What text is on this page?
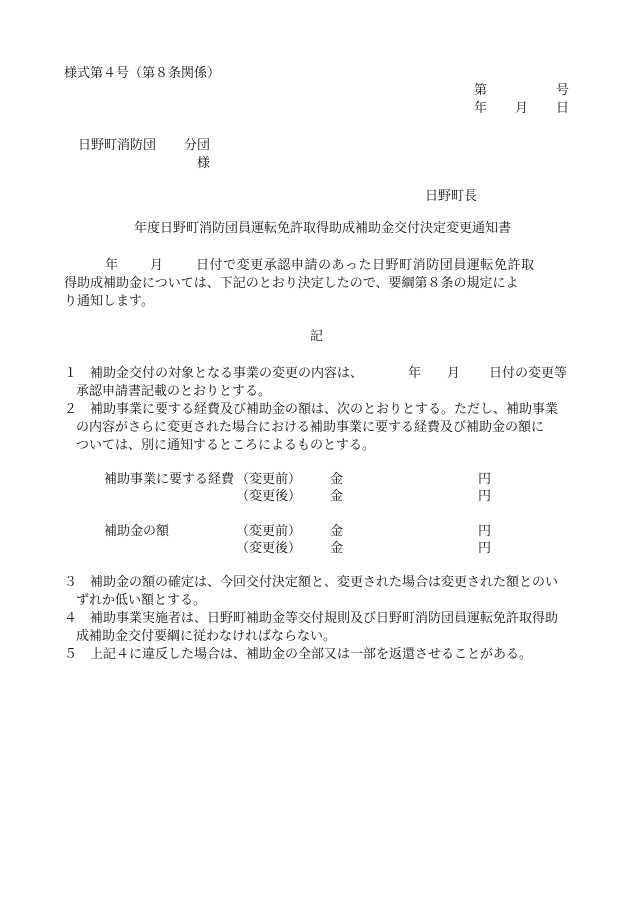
様式第４号（第８条関係）
第	号
年 月 日
日野町消防団 分団
様
日野町長
年度日野町消防団員運転免許取得助成補助金交付決定変更通知書
年 月	日付で変更承認申請のあった日野町消防団員運転免許取
得助成補助金については、下記のとおり決定したので、要綱第８条の規定によ
り通知します。
記
１ 補助金交付の対象となる事業の変更の内容は、	年 月 日付の変更等
承認申請書記載のとおりとする。
２ 補助事業に要する経費及び補助金の額は、次のとおりとする。ただし、補助事業
の内容がさらに変更された場合における補助事業に要する経費及び補助金の額に
ついては、別に通知するところによるものとする。
補助事業に要する経費 （変更前） 金	円
（変更後） 金	円
補助金の額	（変更前） 金	円
（変更後） 金	円
３ 補助金の額の確定は、今回交付決定額と、変更された場合は変更された額とのい
ずれか低い額とする。
４ 補助事業実施者は、日野町補助金等交付規則及び日野町消防団員運転免許取得助
成補助金交付要綱に従わなければならない。
５ 上記４に違反した場合は、補助金の全部又は一部を返還させることがある。
